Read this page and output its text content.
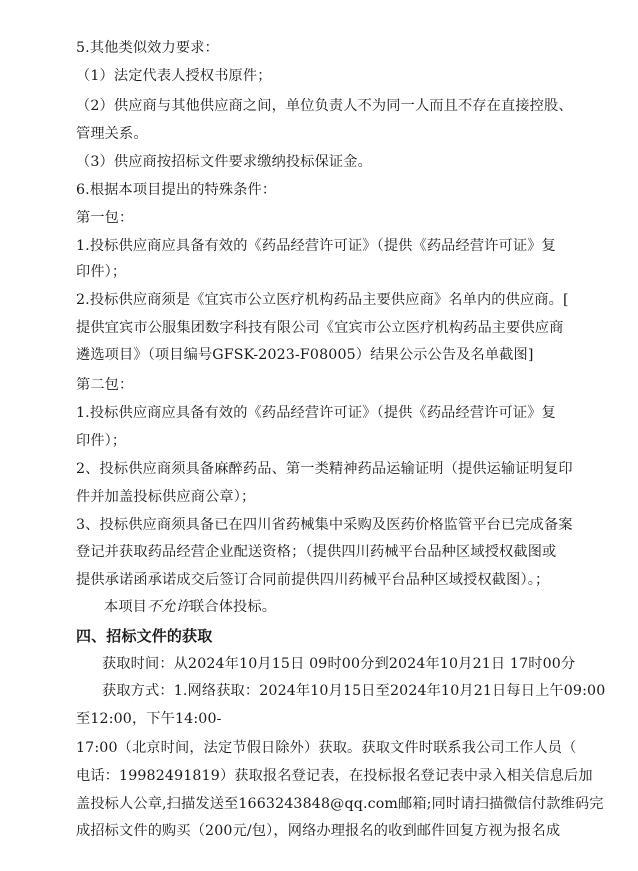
5.其他类似效力要求：
（1）法定代表人授权书原件；
（2）供应商与其他供应商之间，单位负责人不为同一人而且不存在直接控股、
管理关系。
（3）供应商按招标文件要求缴纳投标保证金。
6.根据本项目提出的特殊条件：
第一包：
1.投标供应商应具备有效的《药品经营许可证》（提供《药品经营许可证》复
印件）；
2.投标供应商须是《宜宾市公立医疗机构药品主要供应商》名单内的供应商。[
提供宜宾市公服集团数字科技有限公司《宜宾市公立医疗机构药品主要供应商
遴选项目》（项目编号GFSK-2023-F08005）结果公示公告及名单截图]
第二包：
1.投标供应商应具备有效的《药品经营许可证》（提供《药品经营许可证》复
印件）；
2、投标供应商须具备麻醉药品、第一类精神药品运输证明（提供运输证明复印
件并加盖投标供应商公章）；
3、投标供应商须具备已在四川省药械集中采购及医药价格监管平台已完成备案
登记并获取药品经营企业配送资格；（提供四川药械平台品种区域授权截图或
提供承诺函承诺成交后签订合同前提供四川药械平台品种区域授权截图）。；
本项目不允许联合体投标。
四、招标文件的获取
获取时间：从2024年10月15日 09时00分到2024年10月21日 17时00分
获取方式：1.网络获取：2024年10月15日至2024年10月21日每日上午09:00
至12:00，下午14:00-
17:00（北京时间，法定节假日除外）获取。获取文件时联系我公司工作人员（
电话：19982491819）获取报名登记表，在投标报名登记表中录入相关信息后加
盖投标人公章,扫描发送至1663243848@qq.com邮箱;同时请扫描微信付款维码完
成招标文件的购买（200元/包），网络办理报名的收到邮件回复方视为报名成
